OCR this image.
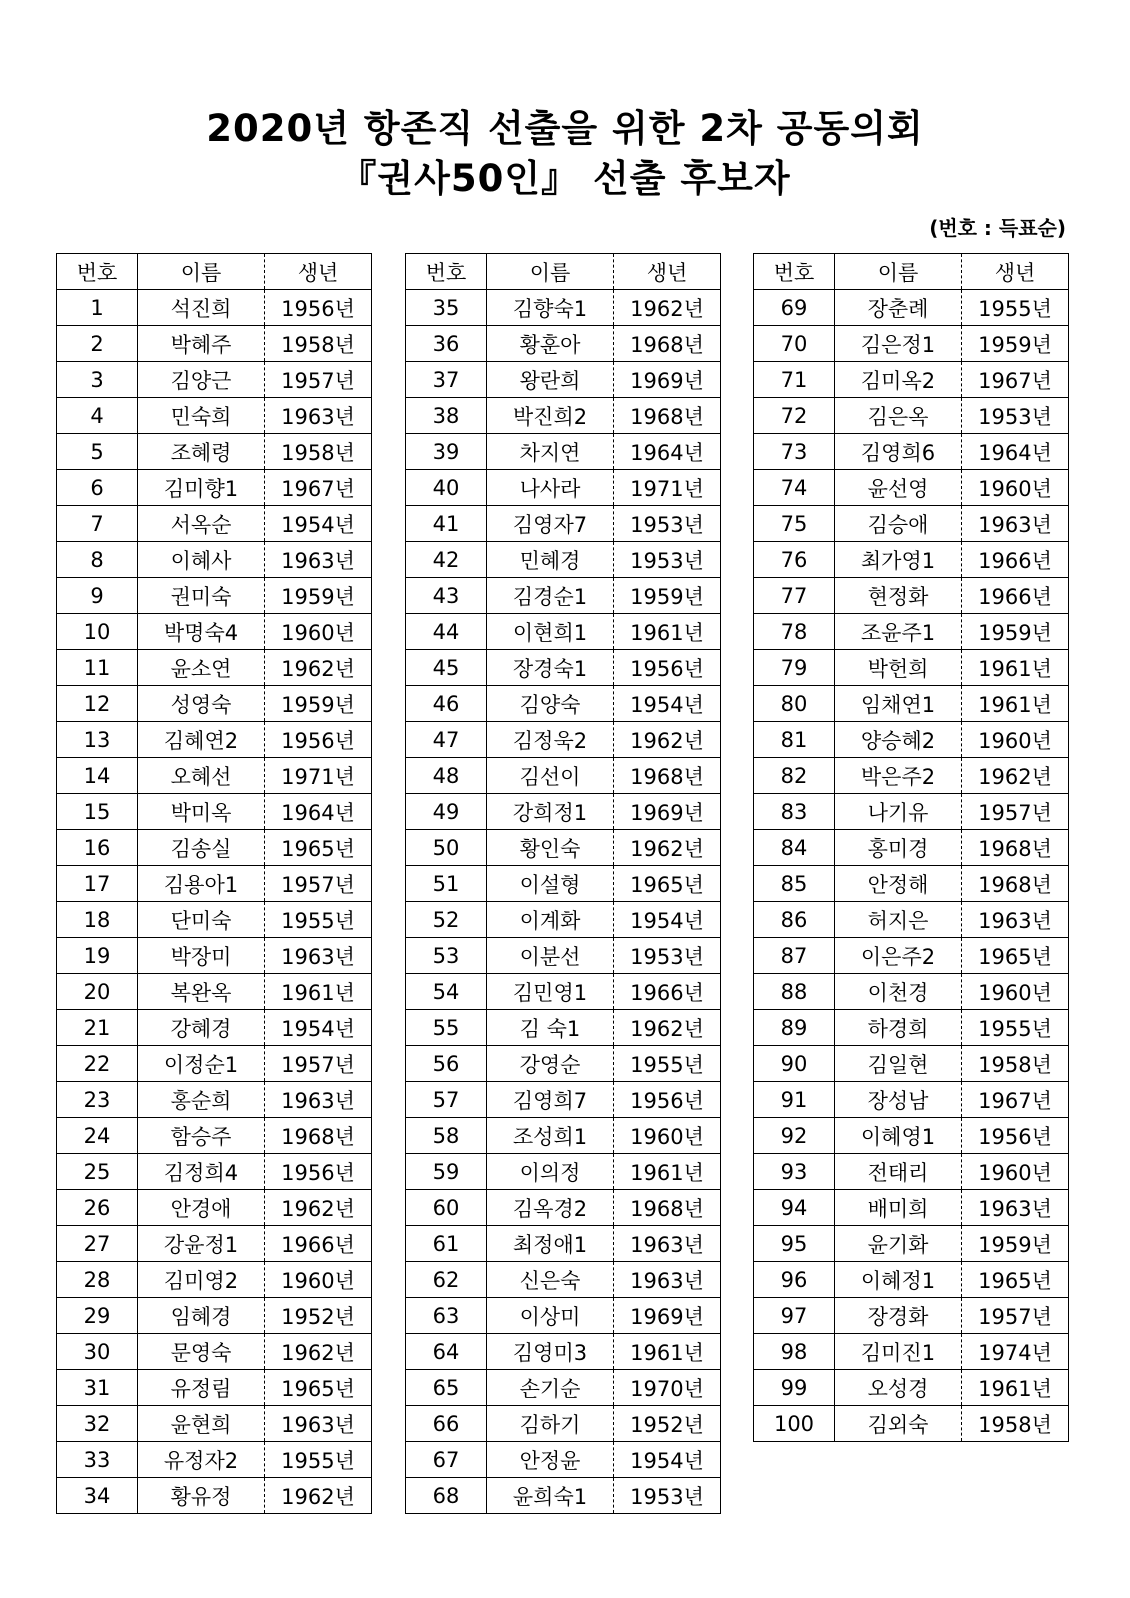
2020년 항존직 선출을 위한 2차 공동의회
『권사50인』 선출 후보자
(번호 : 득표순)
번호	이름	생년
1	석진희	1956년
2	박혜주	1958년
3	김양근	1957년
4	민숙희	1963년
5	조혜령	1958년
6	김미향1	1967년
7	서옥순	1954년
8	이혜사	1963년
9	권미숙	1959년
10	박명숙4	1960년
11	윤소연	1962년
12	성영숙	1959년
13	김혜연2	1956년
14	오혜선	1971년
15	박미옥	1964년
16	김송실	1965년
17	김용아1	1957년
18	단미숙	1955년
19	박장미	1963년
20	복완옥	1961년
21	강혜경	1954년
22	이정순1	1957년
23	홍순희	1963년
24	함승주	1968년
25	김정희4	1956년
26	안경애	1962년
27	강윤정1	1966년
28	김미영2	1960년
29	임혜경	1952년
30	문영숙	1962년
31	유정림	1965년
32	윤현희	1963년
33	유정자2	1955년
34	황유정	1962년
번호	이름	생년
35	김향숙1	1962년
36	황훈아	1968년
37	왕란희	1969년
38	박진희2	1968년
39	차지연	1964년
40	나사라	1971년
41	김영자7	1953년
42	민혜경	1953년
43	김경순1	1959년
44	이현희1	1961년
45	장경숙1	1956년
46	김양숙	1954년
47	김정욱2	1962년
48	김선이	1968년
49	강희정1	1969년
50	황인숙	1962년
51	이설형	1965년
52	이계화	1954년
53	이분선	1953년
54	김민영1	1966년
55	김 숙1	1962년
56	강영순	1955년
57	김영희7	1956년
58	조성희1	1960년
59	이의정	1961년
60	김옥경2	1968년
61	최정애1	1963년
62	신은숙	1963년
63	이상미	1969년
64	김영미3	1961년
65	손기순	1970년
66	김하기	1952년
67	안정윤	1954년
68	윤희숙1	1953년
번호	이름	생년
69	장춘례	1955년
70	김은정1	1959년
71	김미옥2	1967년
72	김은옥	1953년
73	김영희6	1964년
74	윤선영	1960년
75	김승애	1963년
76	최가영1	1966년
77	현정화	1966년
78	조윤주1	1959년
79	박헌희	1961년
80	임채연1	1961년
81	양승혜2	1960년
82	박은주2	1962년
83	나기유	1957년
84	홍미경	1968년
85	안정해	1968년
86	허지은	1963년
87	이은주2	1965년
88	이천경	1960년
89	하경희	1955년
90	김일현	1958년
91	장성남	1967년
92	이혜영1	1956년
93	전태리	1960년
94	배미희	1963년
95	윤기화	1959년
96	이혜정1	1965년
97	장경화	1957년
98	김미진1	1974년
99	오성경	1961년
100	김외숙	1958년
